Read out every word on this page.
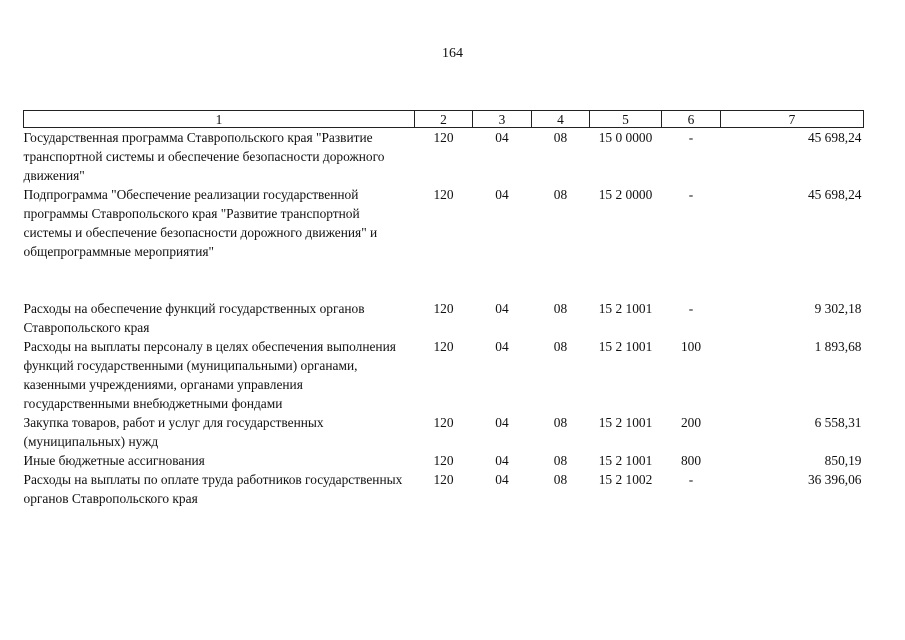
164
1	2	3	4	5	6	7
Государственная программа Ставропольского края "Развитие транспортной системы и обеспечение безопасности дорожного движения"	120	04	08	15 0 0000	-	45 698,24
Подпрограмма "Обеспечение реализации государственной программы Ставропольского края "Развитие транспортной системы и обеспечение безопасности дорожного движения" и общепрограммные мероприятия"	120	04	08	15 2 0000	-	45 698,24
Расходы на обеспечение функций государственных органов Ставропольского края	120	04	08	15 2 1001	-	9 302,18
Расходы на выплаты персоналу в целях обеспечения выполнения функций государственными (муниципальными) органами, казенными учреждениями, органами управления государственными внебюджетными фондами	120	04	08	15 2 1001	100	1 893,68
Закупка товаров, работ и услуг для государственных (муниципальных) нужд	120	04	08	15 2 1001	200	6 558,31
Иные бюджетные ассигнования	120	04	08	15 2 1001	800	850,19
Расходы на выплаты по оплате труда работников государственных органов Ставропольского края	120	04	08	15 2 1002	-	36 396,06
